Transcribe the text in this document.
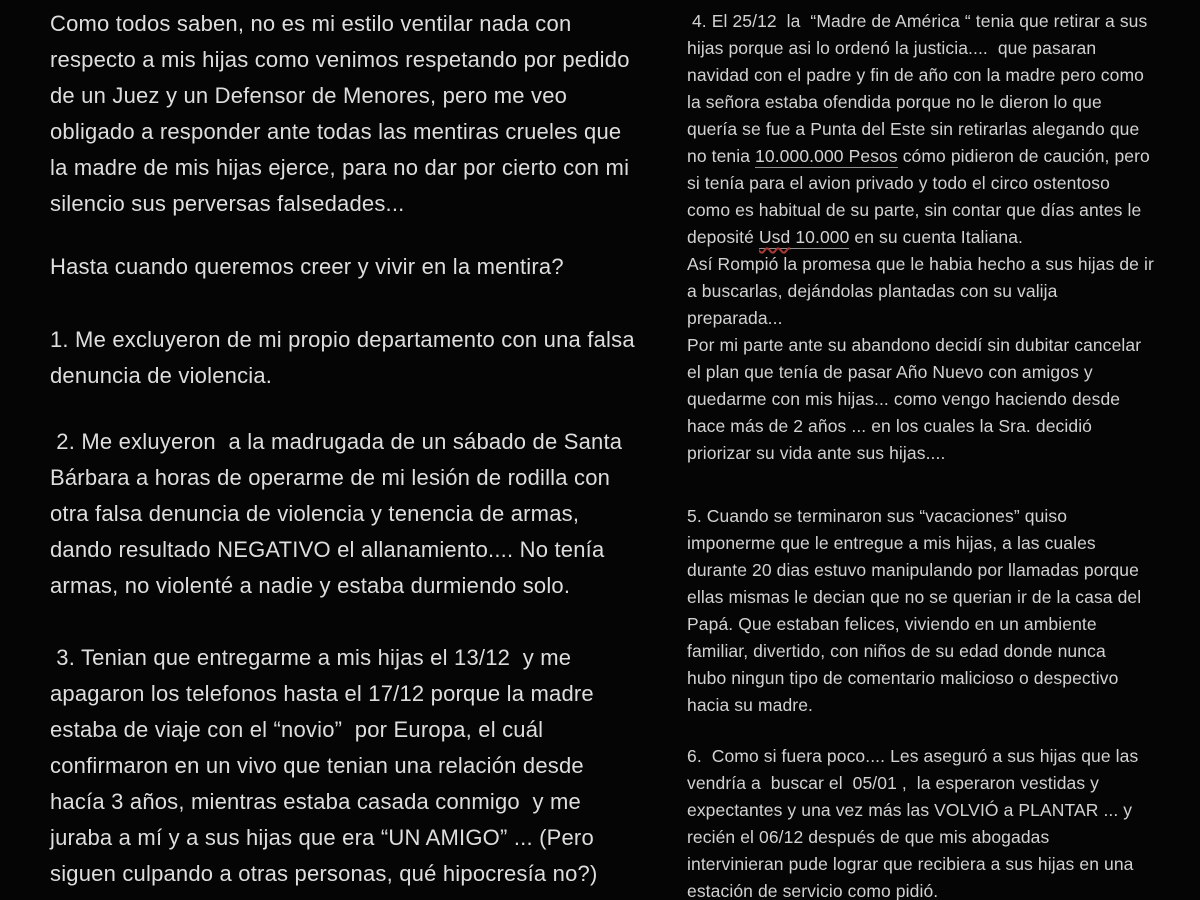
Como todos saben, no es mi estilo ventilar nada con
respecto a mis hijas como venimos respetando por pedido
de un Juez y un Defensor de Menores, pero me veo
obligado a responder ante todas las mentiras crueles que
la madre de mis hijas ejerce, para no dar por cierto con mi
silencio sus perversas falsedades...
Hasta cuando queremos creer y vivir en la mentira?
1. Me excluyeron de mi propio departamento con una falsa
denuncia de violencia.
2. Me exluyeron  a la madrugada de un sábado de Santa
Bárbara a horas de operarme de mi lesión de rodilla con
otra falsa denuncia de violencia y tenencia de armas,
dando resultado NEGATIVO el allanamiento.... No tenía
armas, no violenté a nadie y estaba durmiendo solo.
3. Tenian que entregarme a mis hijas el 13/12  y me
apagaron los telefonos hasta el 17/12 porque la madre
estaba de viaje con el “novio”  por Europa, el cuál
confirmaron en un vivo que tenian una relación desde
hacía 3 años, mientras estaba casada conmigo  y me
juraba a mí y a sus hijas que era “UN AMIGO” ... (Pero
siguen culpando a otras personas, qué hipocresía no?)
4. El 25/12  la  “Madre de América “ tenia que retirar a sus
hijas porque asi lo ordenó la justicia....  que pasaran
navidad con el padre y fin de año con la madre pero como
la señora estaba ofendida porque no le dieron lo que
quería se fue a Punta del Este sin retirarlas alegando que
no tenia 10.000.000 Pesos cómo pidieron de caución, pero
si tenía para el avion privado y todo el circo ostentoso
como es habitual de su parte, sin contar que días antes le
deposité Usd 10.000 en su cuenta Italiana.
Así Rompió la promesa que le habia hecho a sus hijas de ir
a buscarlas, dejándolas plantadas con su valija
preparada...
Por mi parte ante su abandono decidí sin dubitar cancelar
el plan que tenía de pasar Año Nuevo con amigos y
quedarme con mis hijas... como vengo haciendo desde
hace más de 2 años ... en los cuales la Sra. decidió
priorizar su vida ante sus hijas....
5. Cuando se terminaron sus “vacaciones” quiso
imponerme que le entregue a mis hijas, a las cuales
durante 20 dias estuvo manipulando por llamadas porque
ellas mismas le decian que no se querian ir de la casa del
Papá. Que estaban felices, viviendo en un ambiente
familiar, divertido, con niños de su edad donde nunca
hubo ningun tipo de comentario malicioso o despectivo
hacia su madre.
6.  Como si fuera poco.... Les aseguró a sus hijas que las
vendría a  buscar el  05/01 ,  la esperaron vestidas y
expectantes y una vez más las VOLVIÓ a PLANTAR ... y
recién el 06/12 después de que mis abogadas
intervinieran pude lograr que recibiera a sus hijas en una
estación de servicio como pidió.
